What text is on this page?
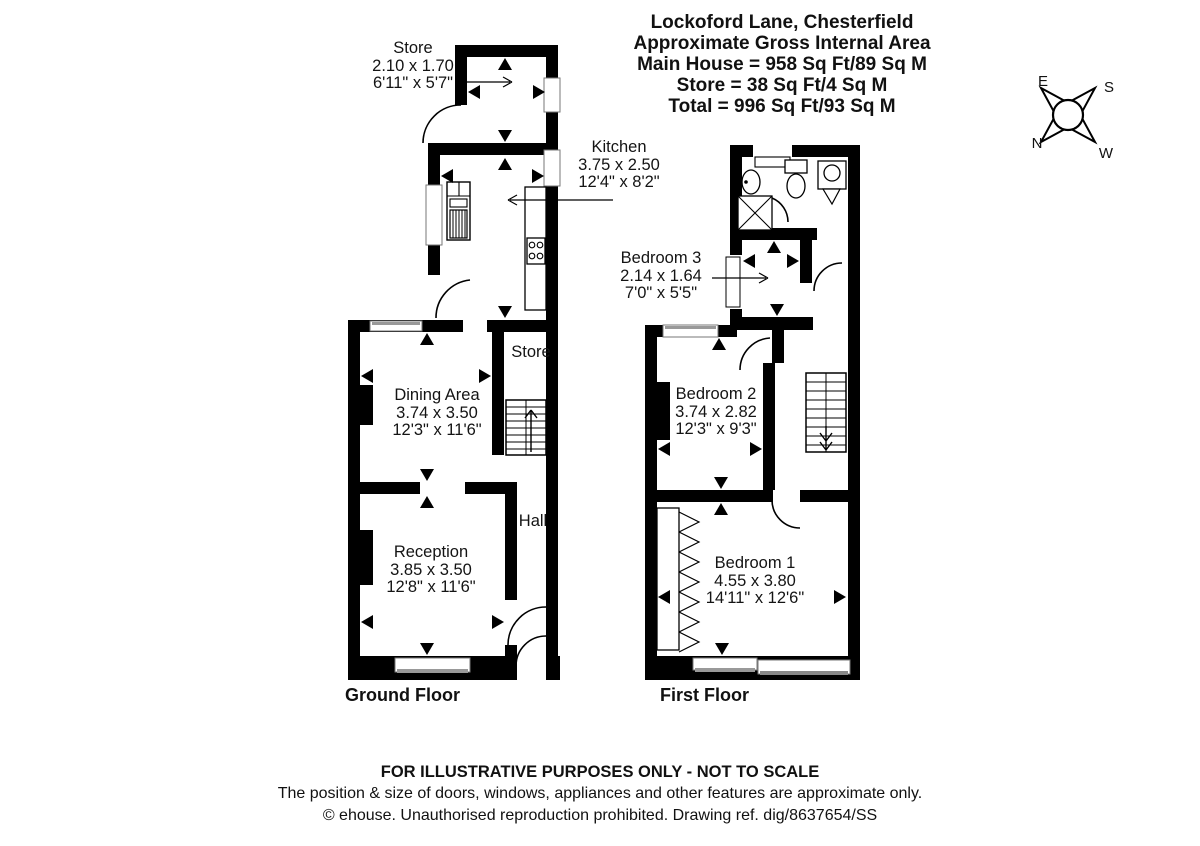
E	S
N
W
Lockoford Lane, Chesterfield
Approximate Gross Internal Area
Main House = 958 Sq Ft/89 Sq M
Store = 38 Sq Ft/4 Sq M
Total = 996 Sq Ft/93 Sq M
Store
2.10 x 1.70
6'11" x 5'7"
Kitchen
3.75 x 2.50
12'4" x 8'2"
Dining Area
3.74 x 3.50
12'3" x 11'6"
Reception
3.85 x 3.50
12'8" x 11'6"
Hall
Store
Bedroom 3
2.14 x 1.64
7'0" x 5'5"
Bedroom 2
3.74 x 2.82
12'3" x 9'3"
Bedroom 1
4.55 x 3.80
14'11" x 12'6"
Ground Floor	First Floor
FOR ILLUSTRATIVE PURPOSES ONLY - NOT TO SCALE
The position & size of doors, windows, appliances and other features are approximate only.
© ehouse. Unauthorised reproduction prohibited. Drawing ref. dig/8637654/SS
